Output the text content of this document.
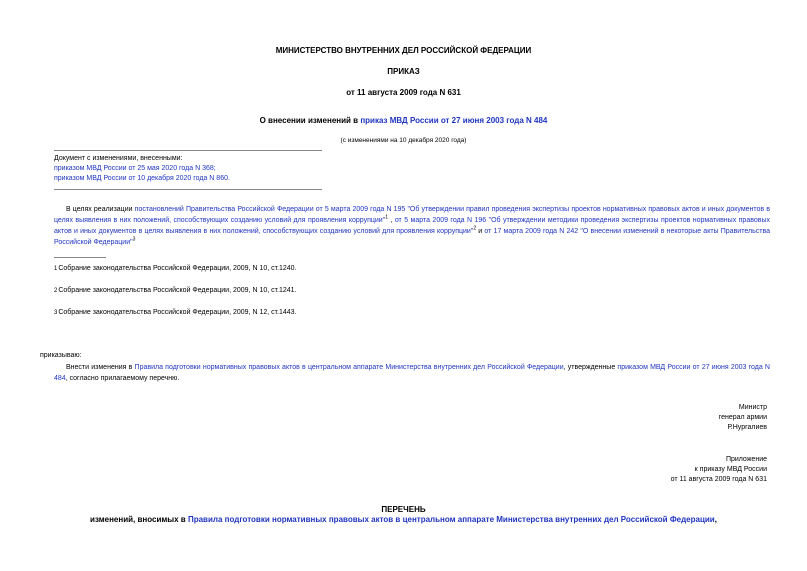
МИНИСТЕРСТВО ВНУТРЕННИХ ДЕЛ РОССИЙСКОЙ ФЕДЕРАЦИИ
ПРИКАЗ
от 11 августа 2009 года N 631
О внесении изменений в приказ МВД России от 27 июня 2003 года N 484
(с изменениями на 10 декабря 2020 года)
Документ с изменениями, внесенными:
приказом МВД России от 25 мая 2020 года N 368;
приказом МВД России от 10 декабря 2020 года N 860.
В целях реализации постановлений Правительства Российской Федерации от 5 марта 2009 года N 195 "Об утверждении правил проведения экспертизы проектов нормативных правовых актов и иных документов в целях выявления в них положений, способствующих созданию условий для проявления коррупции"$^1$ , от 5 марта 2009 года N 196 "Об утверждении методики проведения экспертизы проектов нормативных правовых актов и иных документов в целях выявления в них положений, способствующих созданию условий для проявления коррупции"$^2$ и от 17 марта 2009 года N 242 "О внесении изменений в некоторые акты Правительства Российской Федерации"$^3$
1Собрание законодательства Российской Федерации, 2009, N 10, ст.1240.
2Собрание законодательства Российской Федерации, 2009, N 10, ст.1241.
3Собрание законодательства Российской Федерации, 2009, N 12, ст.1443.
приказываю:
Внести изменения в Правила подготовки нормативных правовых актов в центральном аппарате Министерства внутренних дел Российской Федерации, утвержденные приказом МВД России от 27 июня 2003 года N 484, согласно прилагаемому перечню.
Министр
генерал армии
Р.Нургалиев
Приложение
к приказу МВД России
от 11 августа 2009 года N 631
ПЕРЕЧЕНЬ
изменений, вносимых в Правила подготовки нормативных правовых актов в центральном аппарате Министерства внутренних дел Российской Федерации,
